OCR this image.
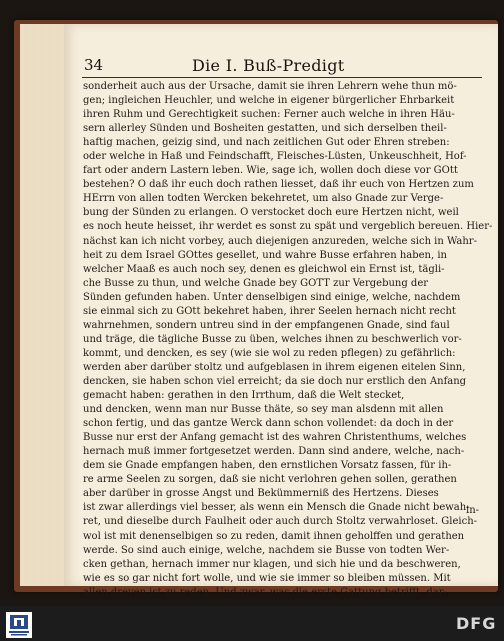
34	Die I. Buß-Predigt
sonderheit auch aus der Ursache, damit sie ihren Lehrern wehe thun mö-
gen; ingleichen Heuchler, und welche in eigener bürgerlicher Ehrbarkeit
ihren Ruhm und Gerechtigkeit suchen: Ferner auch welche in ihren Häu-
sern allerley Sünden und Bosheiten gestatten, und sich derselben theil-
haftig machen, geizig sind, und nach zeitlichen Gut oder Ehren streben:
oder welche in Haß und Feindschafft, Fleisches-Lüsten, Unkeuschheit, Hof-
fart oder andern Lastern leben. Wie, sage ich, wollen doch diese vor GOtt
bestehen? O daß ihr euch doch rathen liesset, daß ihr euch von Hertzen zum
HErrn von allen todten Wercken bekehretet, um also Gnade zur Verge-
bung der Sünden zu erlangen. O verstocket doch eure Hertzen nicht, weil
es noch heute heisset, ihr werdet es sonst zu spät und vergeblich bereuen. Hier-
nächst kan ich nicht vorbey, auch diejenigen anzureden, welche sich in Wahr-
heit zu dem Israel GOttes gesellet, und wahre Busse erfahren haben, in
welcher Maaß es auch noch sey, denen es gleichwol ein Ernst ist, tägli-
che Busse zu thun, und welche Gnade bey GOTT zur Vergebung der
Sünden gefunden haben. Unter denselbigen sind einige, welche, nachdem
sie einmal sich zu GOtt bekehret haben, ihrer Seelen hernach nicht recht
wahrnehmen, sondern untreu sind in der empfangenen Gnade, sind faul
und träge, die tägliche Busse zu üben, welches ihnen zu beschwerlich vor-
kommt, und dencken, es sey (wie sie wol zu reden pflegen) zu gefährlich:
werden aber darüber stoltz und aufgeblasen in ihrem eigenen eitelen Sinn,
dencken, sie haben schon viel erreicht; da sie doch nur erstlich den Anfang
gemacht haben: gerathen in den Irrthum, daß die Welt stecket,
und dencken, wenn man nur Busse thäte, so sey man alsdenn mit allen
schon fertig, und das gantze Werck dann schon vollendet: da doch in der
Busse nur erst der Anfang gemacht ist des wahren Christenthums, welches
hernach muß immer fortgesetzet werden. Dann sind andere, welche, nach-
dem sie Gnade empfangen haben, den ernstlichen Vorsatz fassen, für ih-
re arme Seelen zu sorgen, daß sie nicht verlohren gehen sollen, gerathen
aber darüber in grosse Angst und Bekümmerniß des Hertzens. Dieses
ist zwar allerdings viel besser, als wenn ein Mensch die Gnade nicht bewah-
ret, und dieselbe durch Faulheit oder auch durch Stoltz verwahrloset. Gleich-
wol ist mit denenselbigen so zu reden, damit ihnen geholffen und gerathen
werde. So sind auch einige, welche, nachdem sie Busse von todten Wer-
cken gethan, hernach immer nur klagen, und sich hie und da beschweren,
wie es so gar nicht fort wolle, und wie sie immer so bleiben müssen. Mit
allen dreyen ist zu reden. Und zwar, was die erste Gattung betrifft, dar-
in-
DFG
